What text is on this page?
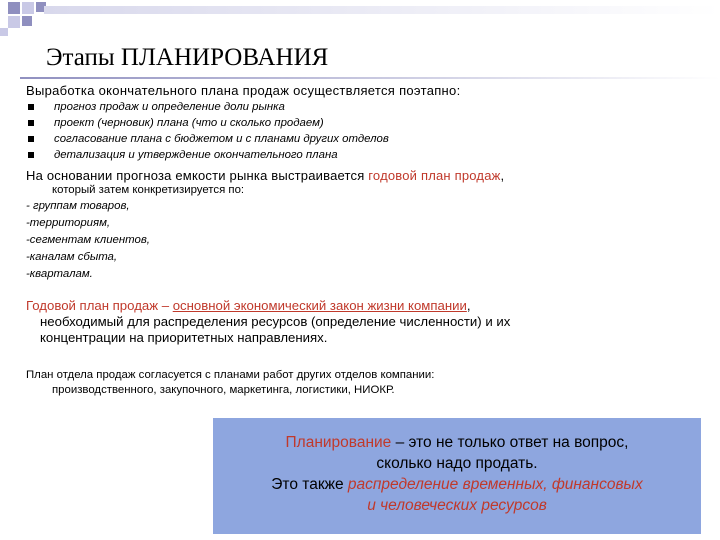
Этапы ПЛАНИРОВАНИЯ
Выработка окончательного плана продаж осуществляется поэтапно:
прогноз продаж и определение доли рынка
проект (черновик) плана (что и сколько продаем)
согласование плана с бюджетом и с планами других отделов
детализация и утверждение окончательного плана
На основании прогноза емкости рынка выстраивается годовой план продаж,
который затем конкретизируется по:
- группам товаров,
-территориям,
-сегментам клиентов,
-каналам сбыта,
-кварталам.
Годовой план продаж – основной экономический закон жизни компании,
необходимый для распределения ресурсов (определение численности) и их
концентрации на приоритетных направлениях.
План отдела продаж согласуется с планами работ других отделов компании:
производственного, закупочного, маркетинга, логистики, НИОКР.
Планирование – это не только ответ на вопрос,
сколько надо продать.
Это также распределение временных, финансовых
и человеческих ресурсов
